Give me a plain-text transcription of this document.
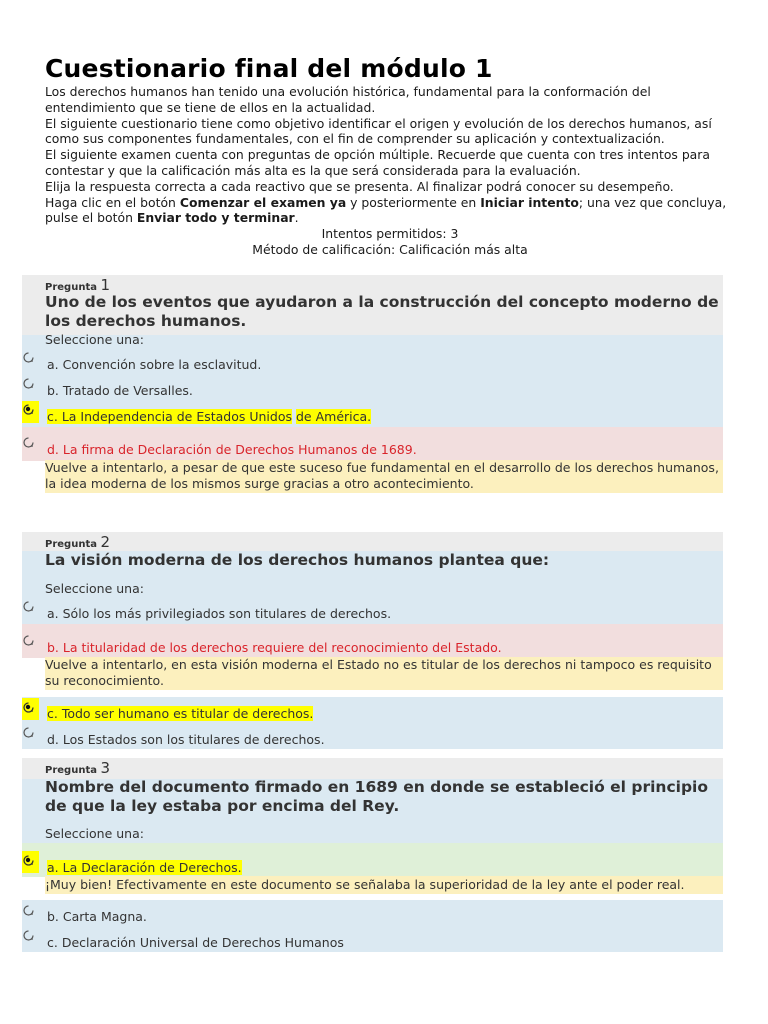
Cuestionario final del módulo 1

Los derechos humanos han tenido una evolución histórica, fundamental para la conformación del entendimiento que se tiene de ellos en la actualidad.

El siguiente cuestionario tiene como objetivo identificar el origen y evolución de los derechos humanos, así como sus componentes fundamentales, con el fin de comprender su aplicación y contextualización.

El siguiente examen cuenta con preguntas de opción múltiple. Recuerde que cuenta con tres intentos para contestar y que la calificación más alta es la que será considerada para la evaluación.

Elija la respuesta correcta a cada reactivo que se presenta. Al finalizar podrá conocer su desempeño.

Haga clic en el botón Comenzar el examen ya y posteriormente en Iniciar intento; una vez que concluya, pulse el botón Enviar todo y terminar.

Intentos permitidos: 3

Método de calificación: Calificación más alta

Pregunta 1
Uno de los eventos que ayudaron a la construcción del concepto moderno de los derechos humanos.
Seleccione una:
a. Convención sobre la esclavitud.
b. Tratado de Versalles.
c. La Independencia de Estados Unidos de América.
d. La firma de Declaración de Derechos Humanos de 1689.
Vuelve a intentarlo, a pesar de que este suceso fue fundamental en el desarrollo de los derechos humanos, la idea moderna de los mismos surge gracias a otro acontecimiento.
Pregunta 2
La visión moderna de los derechos humanos plantea que:
Seleccione una:
a. Sólo los más privilegiados son titulares de derechos.
b. La titularidad de los derechos requiere del reconocimiento del Estado.
Vuelve a intentarlo, en esta visión moderna el Estado no es titular de los derechos ni tampoco es requisito su reconocimiento.
c. Todo ser humano es titular de derechos.
d. Los Estados son los titulares de derechos.
Pregunta 3
Nombre del documento firmado en 1689 en donde se estableció el principio de que la ley estaba por encima del Rey.
Seleccione una:
a. La Declaración de Derechos.
¡Muy bien! Efectivamente en este documento se señalaba la superioridad de la ley ante el poder real.
b. Carta Magna.
c. Declaración Universal de Derechos Humanos
